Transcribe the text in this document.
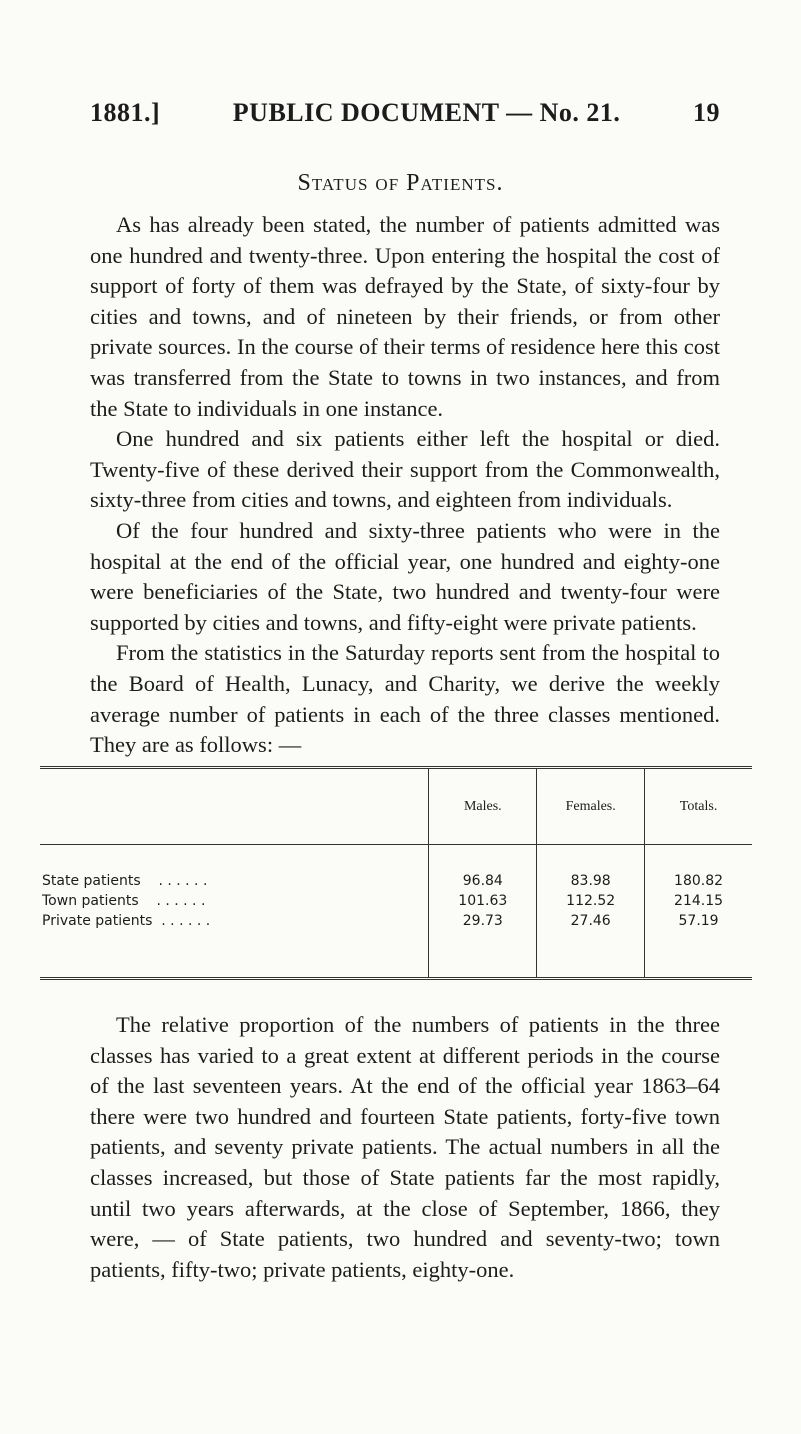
1881.]	PUBLIC DOCUMENT — No. 21.	19
Status of Patients.

As has already been stated, the number of patients admitted was one hundred and twenty-three. Upon entering the hospital the cost of support of forty of them was defrayed by the State, of sixty-four by cities and towns, and of nineteen by their friends, or from other private sources. In the course of their terms of residence here this cost was transferred from the State to towns in two instances, and from the State to individuals in one instance.

One hundred and six patients either left the hospital or died. Twenty-five of these derived their support from the Commonwealth, sixty-three from cities and towns, and eighteen from individuals.

Of the four hundred and sixty-three patients who were in the hospital at the end of the official year, one hundred and eighty-one were beneficiaries of the State, two hundred and twenty-four were supported by cities and towns, and fifty-eight were private patients.

From the statistics in the Saturday reports sent from the hospital to the Board of Health, Lunacy, and Charity, we derive the weekly average number of patients in each of the three classes mentioned. They are as follows: —

	Males.	Females.	Totals.
State patients . . . . . .	96.84	83.98	180.82
Town patients . . . . . .	101.63	112.52	214.15
Private patients . . . . . .	29.73	27.46	57.19

The relative proportion of the numbers of patients in the three classes has varied to a great extent at different periods in the course of the last seventeen years. At the end of the official year 1863–64 there were two hundred and fourteen State patients, forty-five town patients, and seventy private patients. The actual numbers in all the classes increased, but those of State patients far the most rapidly, until two years afterwards, at the close of September, 1866, they were, — of State patients, two hundred and seventy-two; town patients, fifty-two; private patients, eighty-one.
